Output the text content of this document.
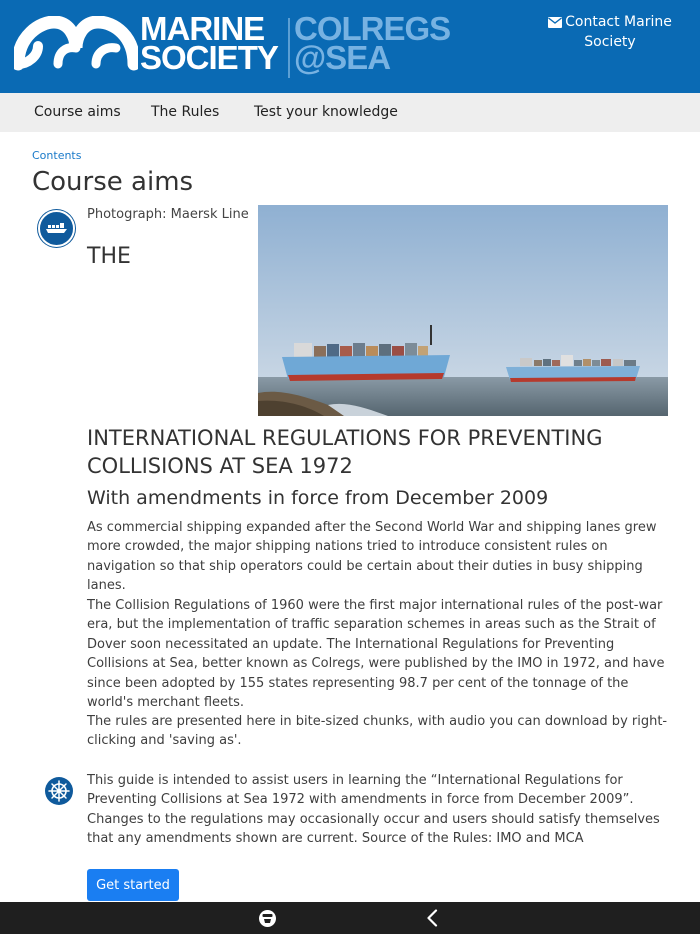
MARINE
SOCIETY
COLREGS
@SEA
Contact Marine
Society
Course aims The Rules Test your knowledge
Contents
Course aims
Photograph: Maersk Line
THE
INTERNATIONAL REGULATIONS FOR PREVENTING COLLISIONS AT SEA 1972
With amendments in force from December 2009

As commercial shipping expanded after the Second World War and shipping lanes grew more crowded, the major shipping nations tried to introduce consistent rules on navigation so that ship operators could be certain about their duties in busy shipping lanes.

The Collision Regulations of 1960 were the first major international rules of the post-war era, but the implementation of traffic separation schemes in areas such as the Strait of Dover soon necessitated an update. The International Regulations for Preventing Collisions at Sea, better known as Colregs, were published by the IMO in 1972, and have since been adopted by 155 states representing 98.7 per cent of the tonnage of the world's merchant fleets.

The rules are presented here in bite-sized chunks, with audio you can download by right-clicking and 'saving as'.

This guide is intended to assist users in learning the “International Regulations for Preventing Collisions at Sea 1972 with amendments in force from December 2009”. Changes to the regulations may occasionally occur and users should satisfy themselves that any amendments shown are current. Source of the Rules: IMO and MCA

Get started
